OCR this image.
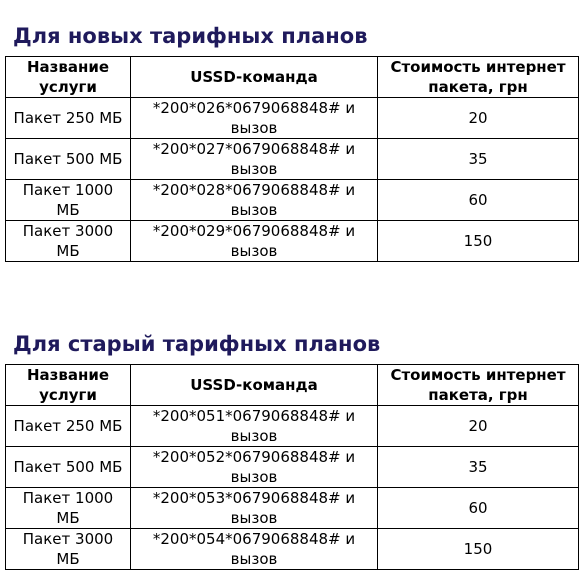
Для новых тарифных планов
Название услуги	USSD-команда	Стоимость интернет пакета, грн
Пакет 250 МБ	*200*026*0679068848# и вызов	20
Пакет 500 МБ	*200*027*0679068848# и вызов	35
Пакет 1000 МБ	*200*028*0679068848# и вызов	60
Пакет 3000 МБ	*200*029*0679068848# и вызов	150
Для старый тарифных планов
Название услуги	USSD-команда	Стоимость интернет пакета, грн
Пакет 250 МБ	*200*051*0679068848# и вызов	20
Пакет 500 МБ	*200*052*0679068848# и вызов	35
Пакет 1000 МБ	*200*053*0679068848# и вызов	60
Пакет 3000 МБ	*200*054*0679068848# и вызов	150
